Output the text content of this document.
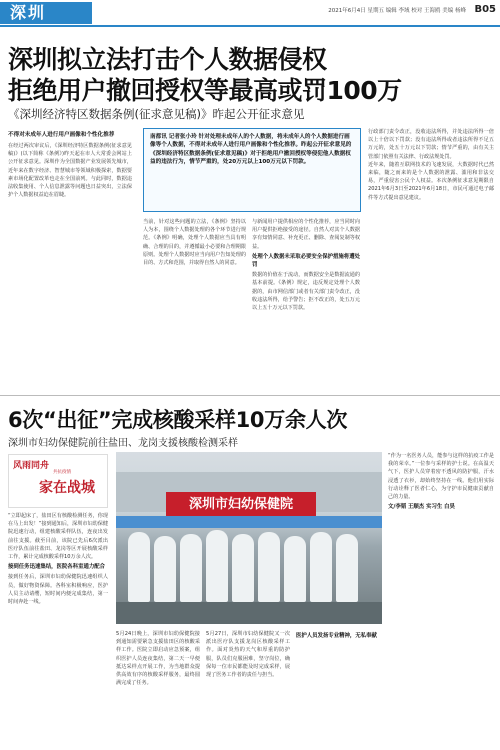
深圳	2021年6月4日 星期五 编辑 李域 校对 王海鸥 美编 杨峰 B05
深圳拟立法打击个人数据侵权
拒绝用户撤回授权等最高或罚100万
《深圳经济特区数据条例(征求意见稿)》昨起公开征求意见
不得对未成年人进行用户画像和个性化推荐
在经过两次审议后，《深圳经济特区数据条例(征求意见稿)》(以下简称《条例》)昨天起在市人大常委会网站上公开征求意见。深圳作为全国数据产业发展领先城市，近年来在数字经济、智慧城市等领域积极探索，数据要素市场化配置改革也走在全国前列。与此同时，数据违法收集使用、个人信息泄露等问题也日益突出，立法保护个人数据权益迫在眉睫。
南都讯 记者张小玲 针对处理未成年人的个人数据，将未成年人的个人数据进行画像等个人数据，不得对未成年人进行用户画像和个性化推荐。昨起公开征求意见的《深圳经济特区数据条例(征求意见稿)》对于拒绝用户撤回授权等侵犯他人数据权益的违法行为，情节严重的，处20万元以上100万元以下罚款。
当前，针对这些问题的立法，《条例》坚持以人为本，围绕个人数据处理的各个环节进行规范。《条例》明确，处理个人数据应当具有明确、合理的目的，并遵循最小必要和合理期限原则。处理个人数据时应当向用户告知处理的目的、方式和范围，并取得自然人的同意。
与新闻用户提供相应的个性化推荐，应当同时向用户提供拒绝接受的途径。自然人对其个人数据享有知情同意、补充更正、删除、查阅复制等权益。
处理个人数据未采取必要安全保护措施将遭处罚
数据的价值在于流动，而数据安全是数据流通的基本前提。《条例》规定，违反规定处理个人数据的，由市网信部门或者有关部门责令改正，没收违法所得，给予警告；拒不改正的，处五万元以上五十万元以下罚款。
行政部门责令改正，没收违法所得，并处违法所得一倍以上十倍以下罚款；没有违法所得或者违法所得不足五万元的，处五十万元以下罚款；情节严重的，由有关主管部门依照有关法律、行政法规处罚。
近年来，随着互联网技术的飞速发展，大数据时代已然来临，随之而来的是个人数据的泄露、滥用和非法交易，严重侵害公民个人权益。本次条例征求意见期限自2021年6月3日至2021年6月18日，市民可通过电子邮件等方式提出意见建议。
6次“出征”完成核酸采样10万余人次
深圳市妇幼保健院前往盐田、龙岗支援核酸检测采样
风雨同舟
共抗疫情
家在战城
“立即起床了，盐田区有核酸检测任务，你现在马上出发！”接到通知后，深圳市妇幼保健院迅速行动，组建核酸采样队伍，连夜出发前往支援。截至目前，该院已先后6次派出医疗队伍前往盐田、龙岗等区开展核酸采样工作，累计完成核酸采样10万余人次。
接到任务迅速集结，医院各科室通力配合
接到任务后，深圳市妇幼保健院迅速组织人员，做好物资保障。各科室积极响应，医护人员主动请缨，短时间内便完成集结，第一时间奔赴一线。
深圳市妇幼保健院
5月24日晚上，深圳市妇幼保健院接到通知需要紧急支援盐田区的核酸采样工作。医院立即启动应急预案，组织医护人员连夜集结，第二天一早便抵达采样点开展工作，为当地群众提供高效有序的核酸采样服务，最终圆满完成了任务。
5月27日，深圳市妇幼保健院又一次派出医疗队支援龙岗区核酸采样工作。面对炎热的天气和厚重的防护服，队员们克服困难，坚守岗位，确保每一位市民都能及时完成采样，展现了医务工作者的责任与担当。
医护人员发扬专业精神，无私奉献
“作为一名医务人员，能参与这样的抗疫工作是我的荣幸。”一位参与采样的护士说。在高温天气下，医护人员穿着密不透风的防护服，汗水浸透了衣衫，却始终坚持在一线。他们用实际行动诠释了医者仁心，为守护市民健康贡献自己的力量。
文/李韬 王顺杰 实习生 白昊
